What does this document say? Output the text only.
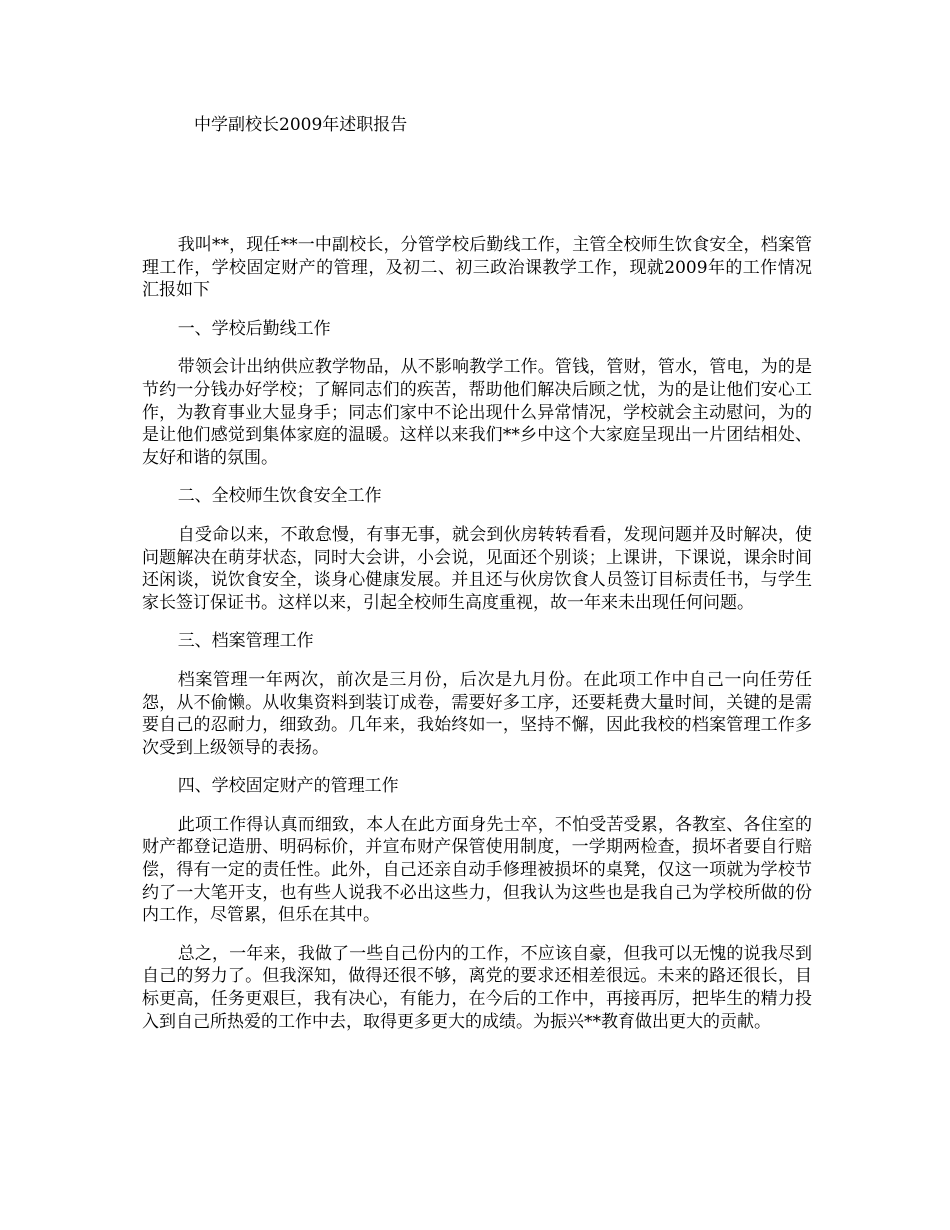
中学副校长2009年述职报告

我叫**，现任**一中副校长，分管学校后勤线工作，主管全校师生饮食安全，档案管理工作，学校固定财产的管理，及初二、初三政治课教学工作，现就2009年的工作情况汇报如下

一、学校后勤线工作

带领会计出纳供应教学物品，从不影响教学工作。管钱，管财，管水，管电，为的是节约一分钱办好学校；了解同志们的疾苦，帮助他们解决后顾之忧，为的是让他们安心工作，为教育事业大显身手；同志们家中不论出现什么异常情况，学校就会主动慰问，为的是让他们感觉到集体家庭的温暖。这样以来我们**乡中这个大家庭呈现出一片团结相处、友好和谐的氛围。

二、全校师生饮食安全工作

自受命以来，不敢怠慢，有事无事，就会到伙房转转看看，发现问题并及时解决，使问题解决在萌芽状态，同时大会讲，小会说，见面还个别谈；上课讲，下课说，课余时间还闲谈，说饮食安全，谈身心健康发展。并且还与伙房饮食人员签订目标责任书，与学生家长签订保证书。这样以来，引起全校师生高度重视，故一年来未出现任何问题。

三、档案管理工作

档案管理一年两次，前次是三月份，后次是九月份。在此项工作中自己一向任劳任怨，从不偷懒。从收集资料到装订成卷，需要好多工序，还要耗费大量时间，关键的是需要自己的忍耐力，细致劲。几年来，我始终如一，坚持不懈，因此我校的档案管理工作多次受到上级领导的表扬。

四、学校固定财产的管理工作

此项工作得认真而细致，本人在此方面身先士卒，不怕受苦受累，各教室、各住室的财产都登记造册、明码标价，并宣布财产保管使用制度，一学期两检查，损坏者要自行赔偿，得有一定的责任性。此外，自己还亲自动手修理被损坏的桌凳，仅这一项就为学校节约了一大笔开支，也有些人说我不必出这些力，但我认为这些也是我自己为学校所做的份内工作，尽管累，但乐在其中。

总之，一年来，我做了一些自己份内的工作，不应该自豪，但我可以无愧的说我尽到自己的努力了。但我深知，做得还很不够，离党的要求还相差很远。未来的路还很长，目标更高，任务更艰巨，我有决心，有能力，在今后的工作中，再接再厉，把毕生的精力投入到自己所热爱的工作中去，取得更多更大的成绩。为振兴**教育做出更大的贡献。
